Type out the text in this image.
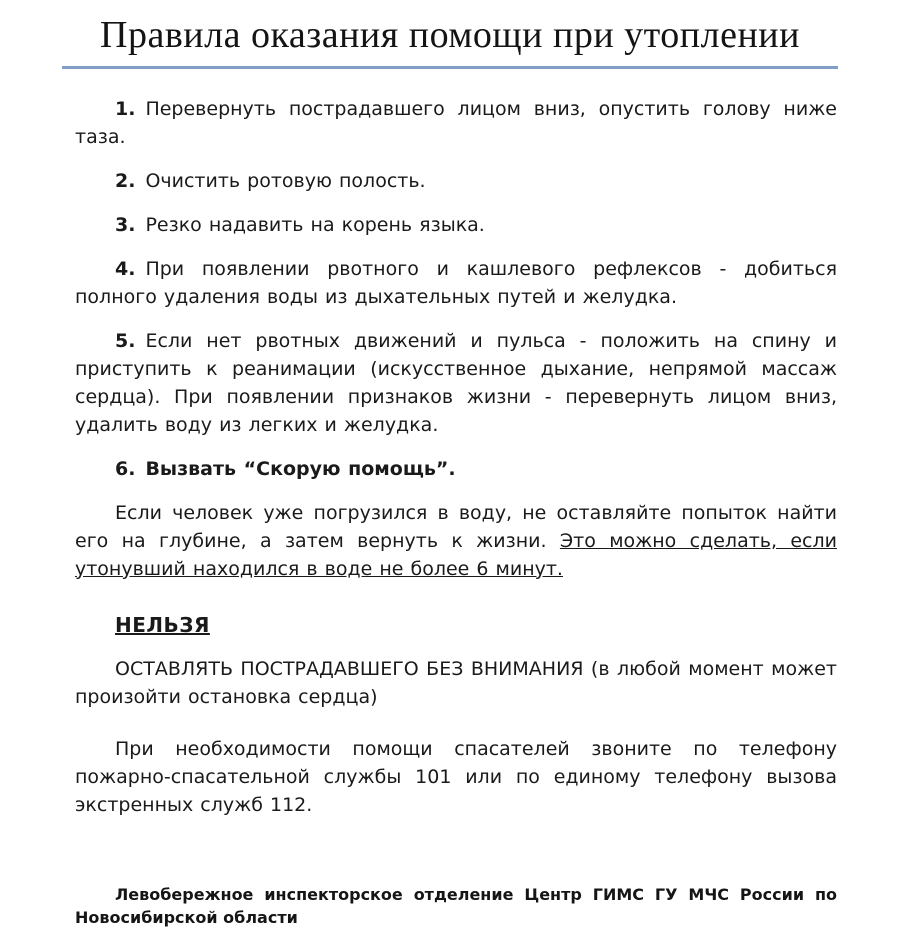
Правила оказания помощи при утоплении

1. Перевернуть пострадавшего лицом вниз, опустить голову ниже таза.

2. Очистить ротовую полость.

3. Резко надавить на корень языка.

4. При появлении рвотного и кашлевого рефлексов - добиться полного удаления воды из дыхательных путей и желудка.

5. Если нет рвотных движений и пульса - положить на спину и приступить к реанимации (искусственное дыхание, непрямой массаж сердца). При появлении признаков жизни - перевернуть лицом вниз, удалить воду из легких и желудка.

6. Вызвать “Скорую помощь”.

Если человек уже погрузился в воду, не оставляйте попыток найти его на глубине, а затем вернуть к жизни. Это можно сделать, если утонувший находился в воде не более 6 минут.

НЕЛЬЗЯ

ОСТАВЛЯТЬ ПОСТРАДАВШЕГО БЕЗ ВНИМАНИЯ (в любой момент может произойти остановка сердца)

При необходимости помощи спасателей звоните по телефону пожарно-спасательной службы 101 или по единому телефону вызова экстренных служб 112.

Левобережное инспекторское отделение Центр ГИМС ГУ МЧС России по Новосибирской области
